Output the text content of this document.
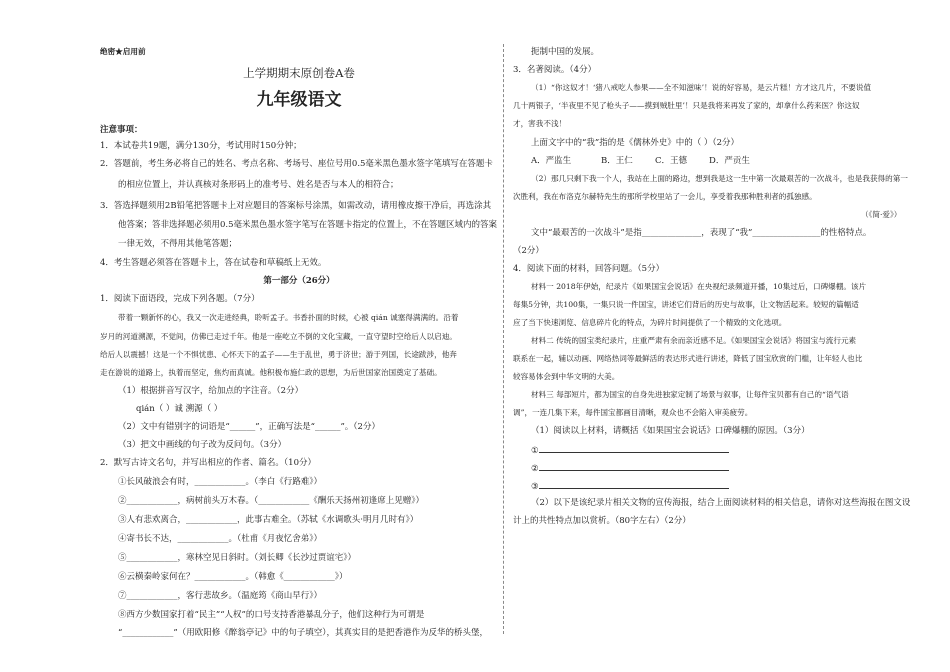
绝密★启用前
上学期期末原创卷A卷
九年级语文
注意事项：
1．本试卷共19题，满分130分，考试用时150分钟；
2．答题前，考生务必将自己的姓名、考点名称、考场号、座位号用0.5毫米黑色墨水签字笔填写在答题卡
的相应位置上，并认真核对条形码上的准考号、姓名是否与本人的相符合；
3．答选择题须用2B铅笔把答题卡上对应题目的答案标号涂黑，如需改动，请用橡皮擦干净后，再选涂其
他答案；答非选择题必须用0.5毫米黑色墨水签字笔写在答题卡指定的位置上，不在答题区域内的答案
一律无效，不得用其他笔答题；
4．考生答题必须答在答题卡上，答在试卷和草稿纸上无效。
第一部分（26分）
1．阅读下面语段，完成下列各题。（7分）
带着一颗新怀的心，我又一次走进经典，聆听孟子。书香扑面的时候，心被 qián 诚塞得满满的。沿着
岁月的河道溯源，不觉间，仿佛已走过千年。他是一座屹立不倒的文化宝藏，一直守望时空给后人以启迪。
给后人以震撼！这是一个不惧忧患、心怀天下的孟子——生于乱世，勇于济世；游于列国，长途跋涉，他奔
走在游说的道路上，执着而坚定，焦灼而真诚。他积极布施仁政的思想，为后世国家治国奠定了基础。
（1）根据拼音写汉字，给加点的字注音。（2分）
qián（ ）诚 溯源（ ）
（2）文中有错别字的词语是“______”，正确写法是“______”。（2分）
（3）把文中画线的句子改为反问句。（3分）
2．默写古诗文名句，并写出相应的作者、篇名。（10分）
①长风破浪会有时，____________。（李白《行路难》）
②____________，病树前头万木春。（____________《酬乐天扬州初逢席上见赠》）
③人有悲欢离合，____________，此事古难全。（苏轼《水调歌头·明月几时有》）
④寄书长不达，____________。（杜甫《月夜忆舍弟》）
⑤____________，寒林空见日斜时。（刘长卿《长沙过贾谊宅》）
⑥云横秦岭家何在？____________。（韩愈《____________》）
⑦____________，客行悲故乡。（温庭筠《商山早行》）
⑧西方少数国家打着“民主”“人权”的口号支持香港暴乱分子，他们这种行为可谓是
“____________”（用欧阳修《醉翁亭记》中的句子填空），其真实目的是把香港作为反华的桥头堡，
扼制中国的发展。
3．名著阅读。（4分）
（1）“你这奴才！‘猪八戒吃人参果——全不知滋味’！说的好容易，是云片糕！方才这几片，不要说值
几十两银子，‘半夜里不见了枪头子——摸到贼肚里’！只是我将来再发了家的，却拿什么药来医？你这奴
才，害我不浅！
上面文字中的“我”指的是《儒林外史》中的（ ）（2分）
A．严监生	B．王仁	C．王德	D．严贡生
（2）那几只剩下我一个人，我站在上面的路边，想到我是这一生中第一次最艰苦的一次战斗，也是我获得的第一
次胜利，我在布洛克尔赫特先生的那所学校里站了一会儿，享受着我那种胜利者的孤独感。
（《简·爱》）
文中“最艰苦的一次战斗”是指______________，表现了“我”________________的性格特点。
（2分）
4．阅读下面的材料，回答问题。（5分）
材料一 2018年伊始，纪录片《如果国宝会说话》在央视纪录频道开播，10集过后，口碑爆棚。该片
每集5分钟，共100集，一集只说一件国宝，讲述它们背后的历史与故事，让文物活起来。较短的篇幅适
应了当下快速浏览、信息碎片化的特点，为碎片时间提供了一个精致的文化选项。
材料二 传统的国宝类纪录片，庄重严肃有余而亲近感不足。《如果国宝会说话》将国宝与流行元素
联系在一起，辅以动画、网络热词等最鲜活的表达形式进行讲述，降低了国宝欣赏的门槛，让年轻人也比
较容易体会到中华文明的大美。
材料三 每部短片，都为国宝的自身先进独家定制了场景与叙事，让每件宝贝都有自己的“语气语
调”，一连几集下来，每件国宝都画目清晰，观众也不会陷入审美疲劳。
（1）阅读以上材料，请概括《如果国宝会说话》口碑爆棚的原因。（3分）
①
②
③
（2）以下是该纪录片相关文物的宣传海报，结合上面阅读材料的相关信息，请你对这些海报在图文设
计上的共性特点加以赏析。（80字左右）（2分）
